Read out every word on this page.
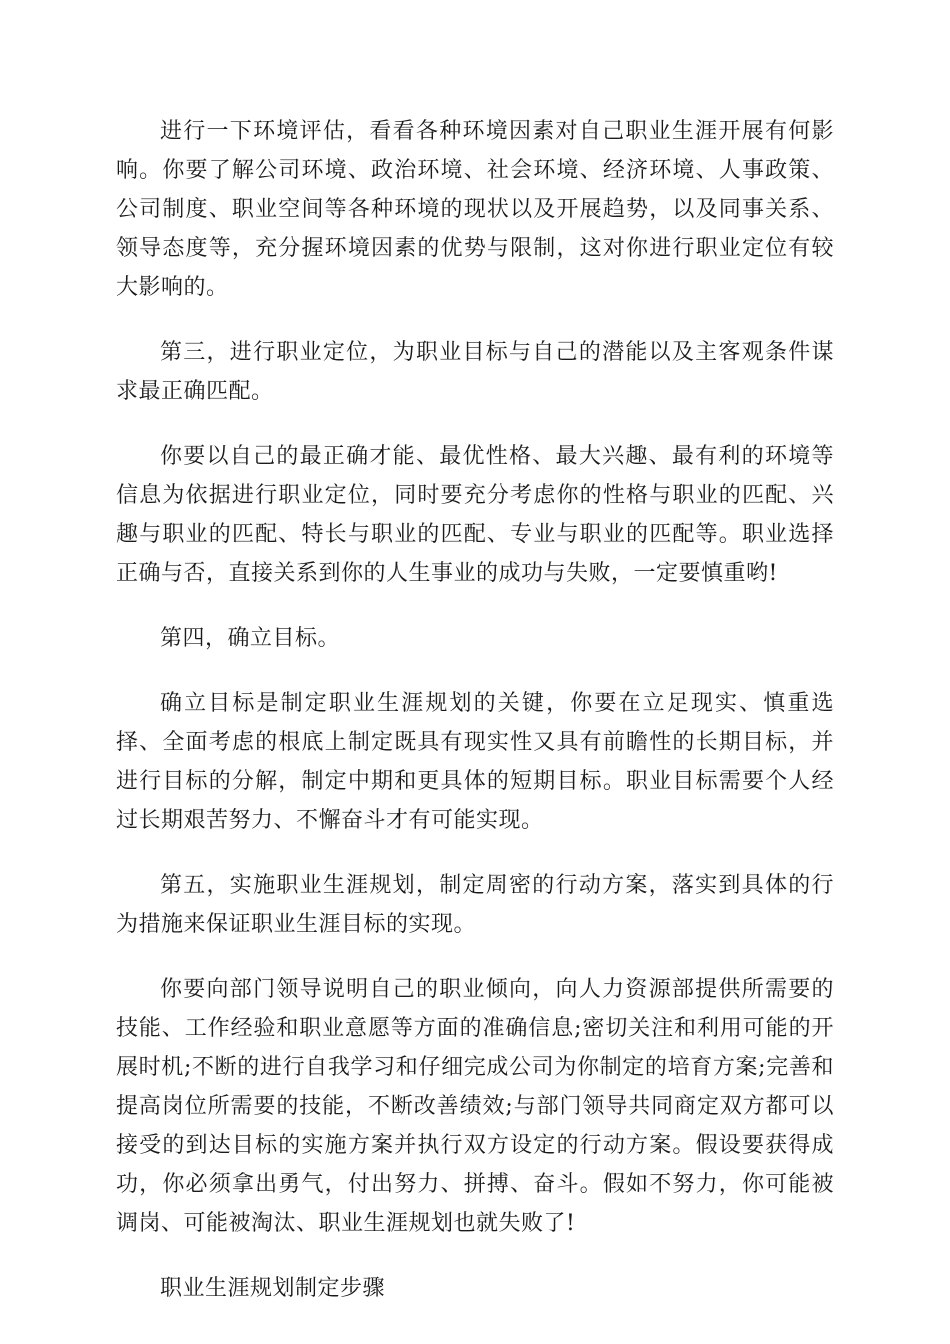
进行一下环境评估，看看各种环境因素对自己职业生涯开展有何影响。你要了解公司环境、政治环境、社会环境、经济环境、人事政策、公司制度、职业空间等各种环境的现状以及开展趋势，以及同事关系、领导态度等，充分握环境因素的优势与限制，这对你进行职业定位有较大影响的。

第三，进行职业定位，为职业目标与自己的潜能以及主客观条件谋求最正确匹配。

你要以自己的最正确才能、最优性格、最大兴趣、最有利的环境等信息为依据进行职业定位，同时要充分考虑你的性格与职业的匹配、兴趣与职业的匹配、特长与职业的匹配、专业与职业的匹配等。职业选择正确与否，直接关系到你的人生事业的成功与失败，一定要慎重哟!

第四，确立目标。

确立目标是制定职业生涯规划的关键，你要在立足现实、慎重选择、全面考虑的根底上制定既具有现实性又具有前瞻性的长期目标，并进行目标的分解，制定中期和更具体的短期目标。职业目标需要个人经过长期艰苦努力、不懈奋斗才有可能实现。

第五，实施职业生涯规划，制定周密的行动方案，落实到具体的行为措施来保证职业生涯目标的实现。

你要向部门领导说明自己的职业倾向，向人力资源部提供所需要的技能、工作经验和职业意愿等方面的准确信息;密切关注和利用可能的开展时机;不断的进行自我学习和仔细完成公司为你制定的培育方案;完善和提高岗位所需要的技能，不断改善绩效;与部门领导共同商定双方都可以接受的到达目标的实施方案并执行双方设定的行动方案。假设要获得成功，你必须拿出勇气，付出努力、拼搏、奋斗。假如不努力，你可能被调岗、可能被淘汰、职业生涯规划也就失败了!

职业生涯规划制定步骤
